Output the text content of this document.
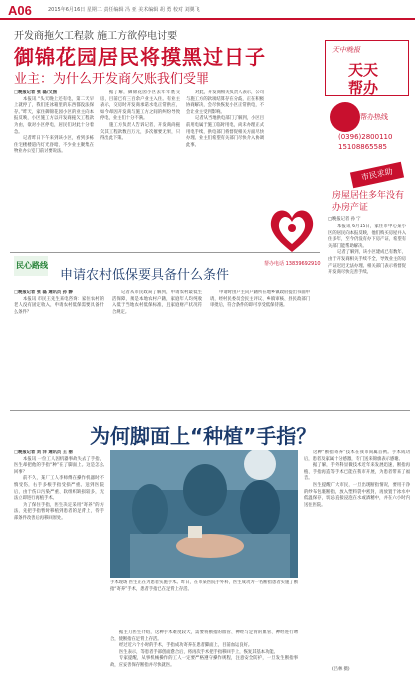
A06	2015年6月16日 星期二 责任编辑 冯 亚 美术编辑 胡 勇 校对 刘翼飞
开发商拖欠工程款 施工方欲停电讨要
御锦花园居民将摸黑过日子
业主：为什么开发商欠账我们受罪
□晚报记者 张 磊/文图

本报讯 “头天晚上还有电，第二天早上就停了，我们连冰箱里的东西都没法保存。”昨天，家住御锦花园小区的业主向本报反映，小区施工方以开发商拖欠工程款为由，欲对小区停电，居民们对此十分着急。

记者昨日下午来到该小区，看到多栋住宅楼楼道内灯光昏暗，不少业主聚集在物业办公室门前讨要说法。

据了解，御锦花园小区去年年底交房，目前已有三百余户业主入住。有业主表示，交房时开发商承诺水电正常供应，如今却因开发商与施工方之间的纠纷导致停电，业主们十分不满。

施工方负责人告诉记者，开发商尚拖欠其工程款数百万元，多次催要无果，只得出此下策。

对此，开发商相关负责人表示，公司与施工方的款项结算存在分歧，正在积极协商解决，会尽快恢复小区正常供电，不会让业主受到影响。

记者从当地供电部门了解到，小区目前用电属于施工临时用电，尚未办理正式用电手续，供电部门将督促相关方面尽快办理。业主们希望有关部门尽快介入协调此事。

帮办电话 13839692910
天中晚报
天天
帮办
帮办热线
(0396)2800110
15108865585
市民求助
房屋居住多年没有办房产证
□晚报记者 孙 宁

本报讯 6月15日，家住市中心某小区的居民向本报反映，他们购买房屋并入住多年，至今仍没有办下房产证，希望有关部门能帮助解决。

记者了解到，该小区建成已有数年，由于开发商相关手续不全，导致业主的房产证迟迟无法办理。相关部门表示将督促开发商尽快完善手续。

民心路线
申请农村低保要具备什么条件
□晚报记者 张 磊 通讯员 孙 静

本报讯 市民王先生来电咨询：家住农村的老人没有固定收入，申请农村低保需要具备什么条件？

记者从市民政局了解到，申请农村最低生活保障，须是本地农村户籍，家庭年人均纯收入低于当地农村低保标准，且家庭财产状况符合规定。

申请时由户主向户籍所在地乡镇政府提出书面申请，经村民委员会民主评议、乡镇审核、县民政部门审批后，符合条件的即可享受低保待遇。

为何脚面上“种植”手指？
□晚报记者 刘 洋 通讯员 王 丽

本报讯 一位工人因机器事故失去了手指，医生却把他的手指“种”在了脚面上。这是怎么回事？

前不久，某厂工人李师傅在操作机器时不慎受伤，右手多根手指受损严重。送到医院后，由于伤口污染严重、软组织缺损较多，无法立即进行再植手术。

为了保住手指，医生决定采用“寄养”的方法，先把手指暂时移植到患者的足背上，待手部条件改善后再移回原处。

手术现场 医生正在为患者实施手术。昨日，在市某医院手外科，医生成功为一名断指患者实施了断指“寄养”手术，患者手指已在足背上存活。

这种“断指寄养”技术在我市尚属首例。手术成功后，患者及家属十分感激，专门送来锦旗表示感谢。

据了解，手外科显微技术近年来发展迅速，断指再植、手指再造等手术已能在我市开展，为患者带来了福音。

医生提醒广大市民，一旦出现断指情况，要用干净的纱布包裹断指，放入塑料袋中密封，再放置于冰水中低温保存，切忌直接浸泡在水或酒精中，并在六小时内送往医院。

据主刀医生介绍，这种手术难度较大，需要将断指的血管、神经与足背的血管、神经进行吻合，使断指在足背上存活。

经过近六个小时的手术，手指成功寄养在患者脚面上，目前血运良好。

医生表示，等患者手部创面愈合后，将再次手术把手指移回手上，恢复其基本功能。

专家提醒，从事机械操作的工人一定要严格遵守操作规程，注意安全防护，一旦发生断指事故，应妥善保存断指并尽快就医。

(吕林 摄)
